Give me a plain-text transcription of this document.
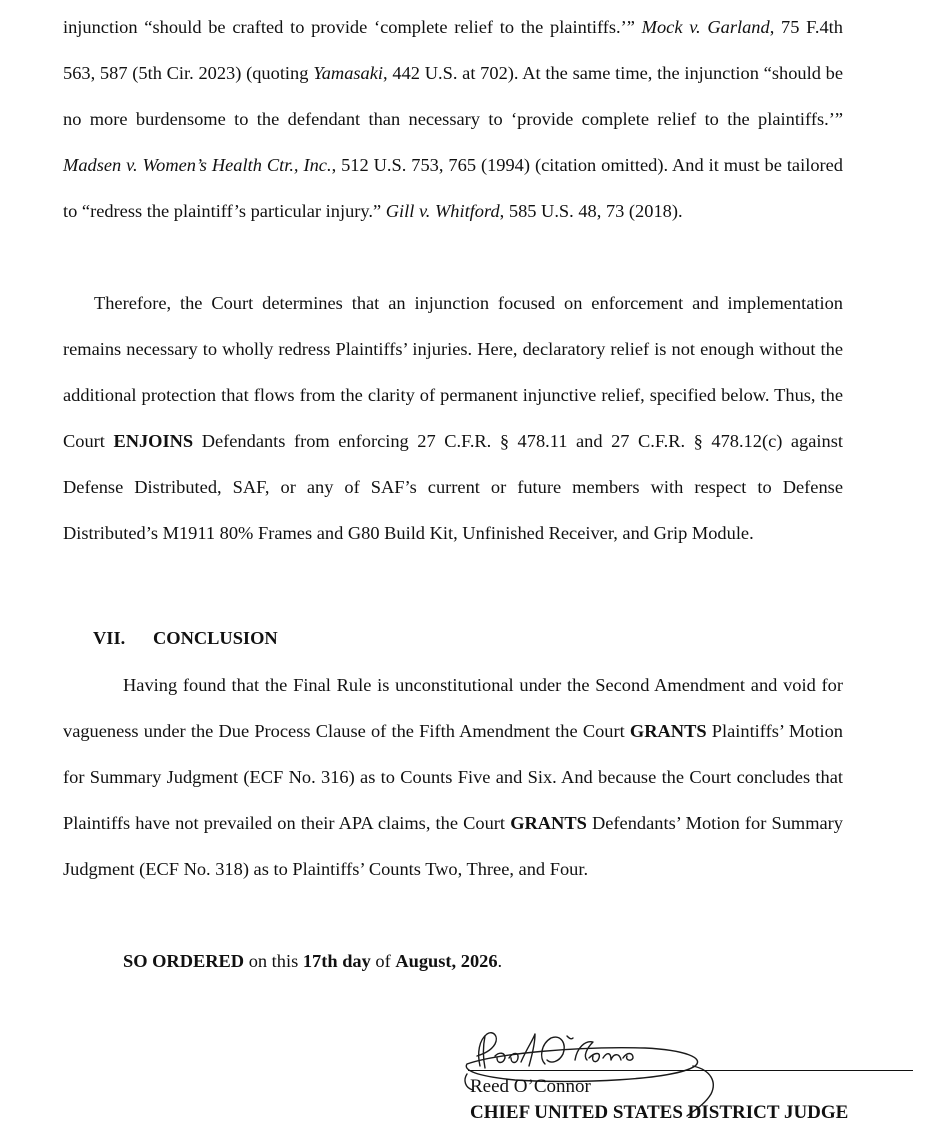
injunction “should be crafted to provide ‘complete relief to the plaintiffs.’” Mock v. Garland, 75 F.4th 563, 587 (5th Cir. 2023) (quoting Yamasaki, 442 U.S. at 702). At the same time, the injunction “should be no more burdensome to the defendant than necessary to ‘provide complete relief to the plaintiffs.’” Madsen v. Women’s Health Ctr., Inc., 512 U.S. 753, 765 (1994) (citation omitted). And it must be tailored to “redress the plaintiff’s particular injury.” Gill v. Whitford, 585 U.S. 48, 73 (2018).

Therefore, the Court determines that an injunction focused on enforcement and implementation remains necessary to wholly redress Plaintiffs’ injuries. Here, declaratory relief is not enough without the additional protection that flows from the clarity of permanent injunctive relief, specified below. Thus, the Court ENJOINS Defendants from enforcing 27 C.F.R. § 478.11 and 27 C.F.R. § 478.12(c) against Defense Distributed, SAF, or any of SAF’s current or future members with respect to Defense Distributed’s M1911 80% Frames and G80 Build Kit, Unfinished Receiver, and Grip Module.

VII. CONCLUSION

Having found that the Final Rule is unconstitutional under the Second Amendment and void for vagueness under the Due Process Clause of the Fifth Amendment the Court GRANTS Plaintiffs’ Motion for Summary Judgment (ECF No. 316) as to Counts Five and Six. And because the Court concludes that Plaintiffs have not prevailed on their APA claims, the Court GRANTS Defendants’ Motion for Summary Judgment (ECF No. 318) as to Plaintiffs’ Counts Two, Three, and Four.

SO ORDERED on this 17th day of August, 2026.
Reed O’Connor
CHIEF UNITED STATES DISTRICT JUDGE
